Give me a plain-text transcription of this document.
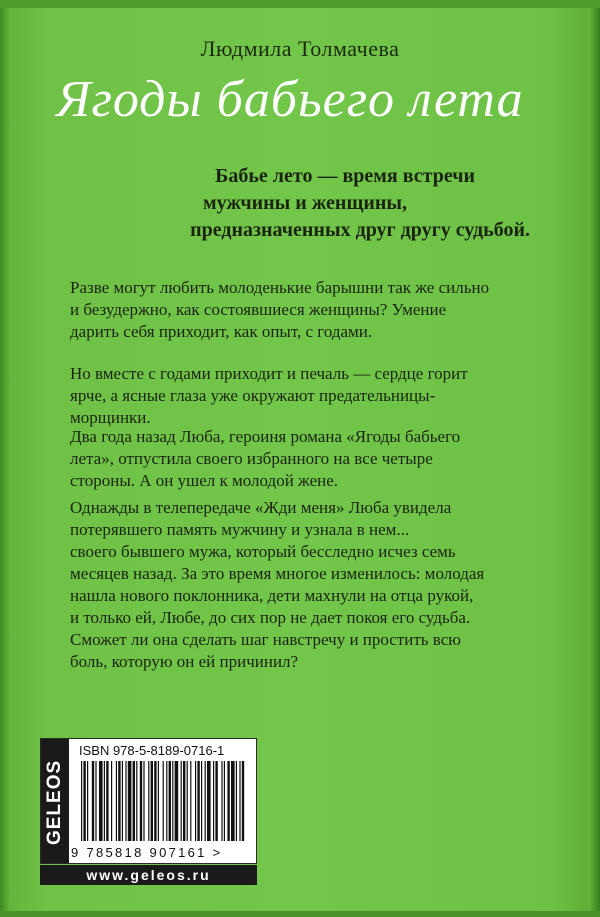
Людмила Толмачева
Ягоды бабьего лета
Бабье лето — время встречи
мужчины и женщины,
предназначенных друг другу судьбой.
Разве могут любить молоденькие барышни так же сильно
и безудержно, как состоявшиеся женщины? Умение
дарить себя приходит, как опыт, с годами.
Но вместе с годами приходит и печаль — сердце горит
ярче, а ясные глаза уже окружают предательницы-
морщинки.
Два года назад Люба, героиня романа «Ягоды бабьего
лета», отпустила своего избранного на все четыре
стороны. А он ушел к молодой жене.
Однажды в телепередаче «Жди меня» Люба увидела
потерявшего память мужчину и узнала в нем...
своего бывшего мужа, который бесследно исчез семь
месяцев назад. За это время многое изменилось: молодая
нашла нового поклонника, дети махнули на отца рукой,
и только ей, Любе, до сих пор не дает покоя его судьба.
Сможет ли она сделать шаг навстречу и простить всю
боль, которую он ей причинил?
GELEOS
ISBN 978-5-8189-0716-1
9 785818 907161 >
www.geleos.ru
